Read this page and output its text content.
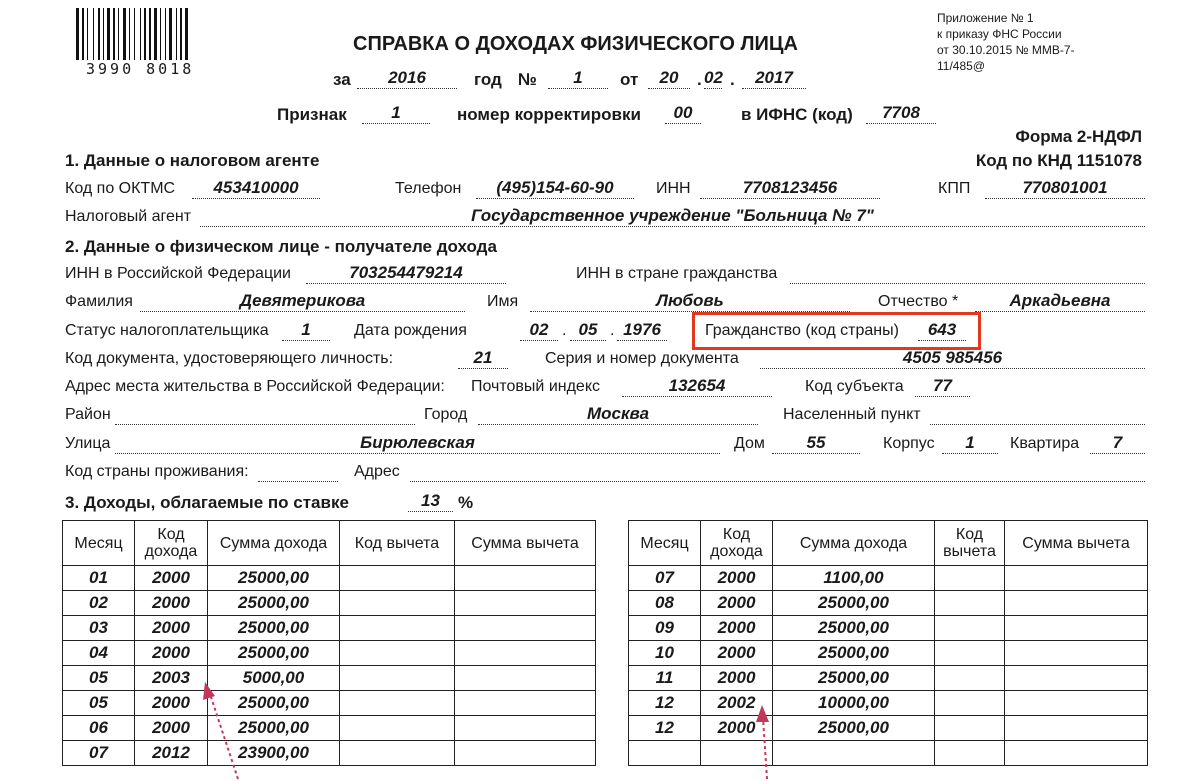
3990 8018
Приложение № 1
к приказу ФНС России
от 30.10.2015 № ММВ-7-
11/485@
СПРАВКА О ДОХОДАХ ФИЗИЧЕСКОГО ЛИЦА
за	2016	год №	1	от	20	. 02 .	2017
Признак	1	номер корректировки	00	в ИФНС (код)	7708
Форма 2-НДФЛ
Код по КНД 1151078
1. Данные о налоговом агенте
Код по ОКТМС	453410000	Телефон	(495)154-60-90	ИНН	7708123456	КПП	770801001
Налоговый агент	Государственное учреждение "Больница № 7"
2. Данные о физическом лице - получателе дохода
ИНН в Российской Федерации	703254479214	ИНН в стране гражданства
Фамилия	Девятерикова	Имя	Любовь	Отчество *	Аркадьевна
Статус налогоплательщика	1	Дата рождения	02 . 05 . 1976	Гражданство (код страны)	643
Код документа, удостоверяющего личность:	21	Серия и номер документа	4505 985456
Адрес места жительства в Российской Федерации: Почтовый индекс	132654	Код субъекта	77
Район	Город	Москва	Населенный пункт
Улица	Бирюлевская	Дом	55	Корпус	1	Квартира	7
Код страны проживания:	Адрес
3. Доходы, облагаемые по ставке	13	%
Месяц	Код дохода	Сумма дохода	Код вычета	Сумма вычета
01	2000	25000,00		
02	2000	25000,00		
03	2000	25000,00		
04	2000	25000,00		
05	2003	5000,00		
05	2000	25000,00		
06	2000	25000,00		
07	2012	23900,00		
Месяц	Код дохода	Сумма дохода	Код вычета	Сумма вычета
07	2000	1100,00		
08	2000	25000,00		
09	2000	25000,00		
10	2000	25000,00		
11	2000	25000,00		
12	2002	10000,00		
12	2000	25000,00		
